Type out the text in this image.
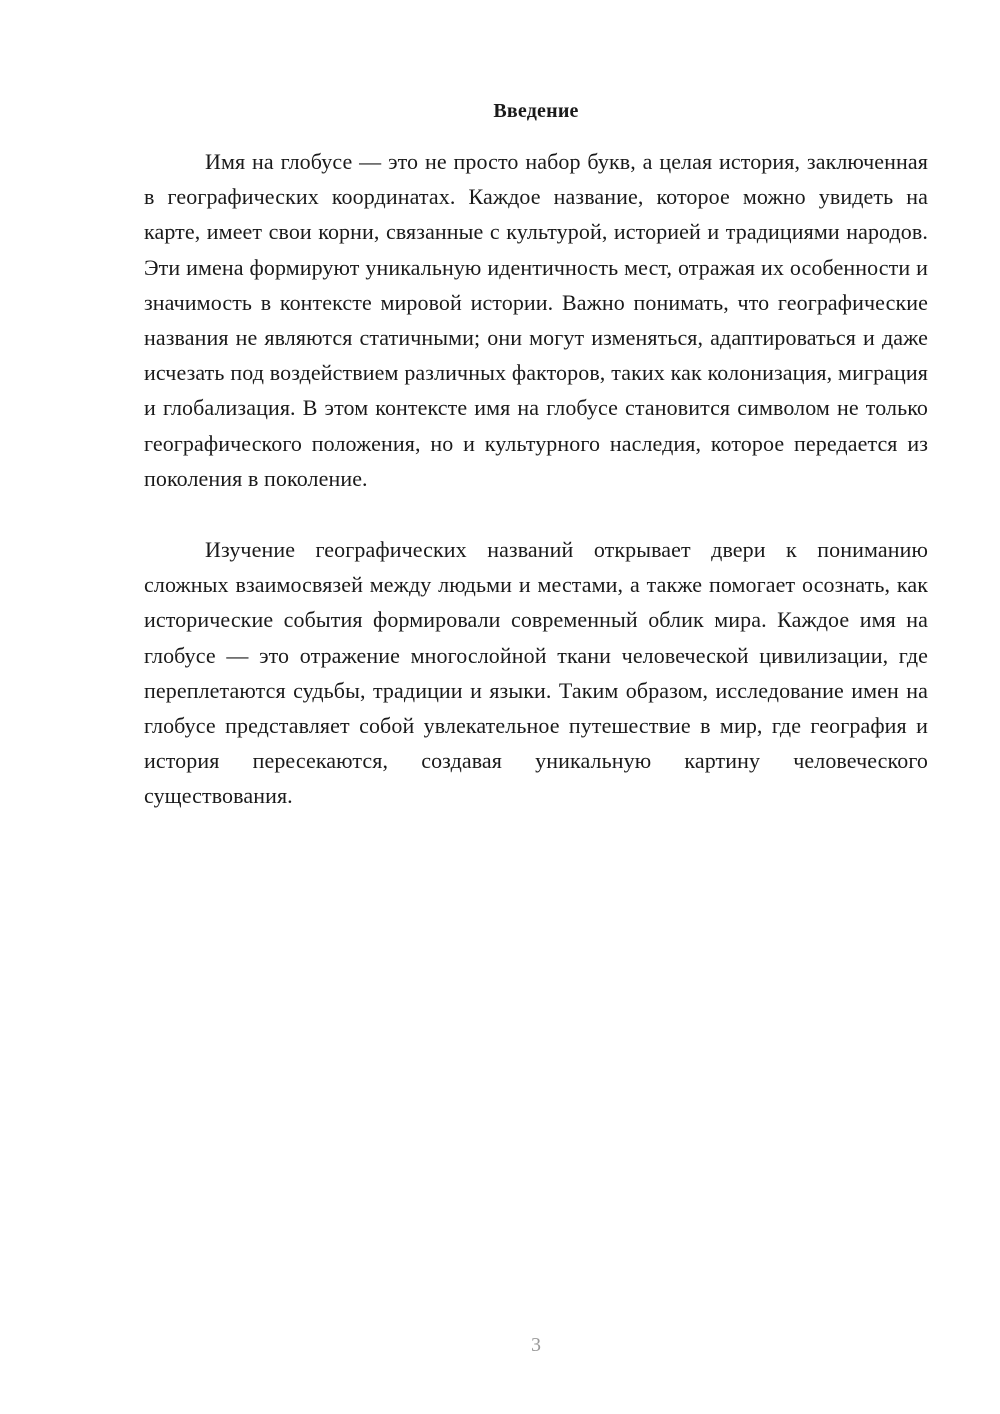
Введение

Имя на глобусе — это не просто набор букв, а целая история, заключенная в географических координатах. Каждое название, которое можно увидеть на карте, имеет свои корни, связанные с культурой, историей и традициями народов. Эти имена формируют уникальную идентичность мест, отражая их особенности и значимость в контексте мировой истории. Важно понимать, что географические названия не являются статичными; они могут изменяться, адаптироваться и даже исчезать под воздействием различных факторов, таких как колонизация, миграция и глобализация. В этом контексте имя на глобусе становится символом не только географического положения, но и культурного наследия, которое передается из поколения в поколение.

Изучение географических названий открывает двери к пониманию сложных взаимосвязей между людьми и местами, а также помогает осознать, как исторические события формировали современный облик мира. Каждое имя на глобусе — это отражение многослойной ткани человеческой цивилизации, где переплетаются судьбы, традиции и языки. Таким образом, исследование имен на глобусе представляет собой увлекательное путешествие в мир, где география и история пересекаются, создавая уникальную картину человеческого существования.

3
